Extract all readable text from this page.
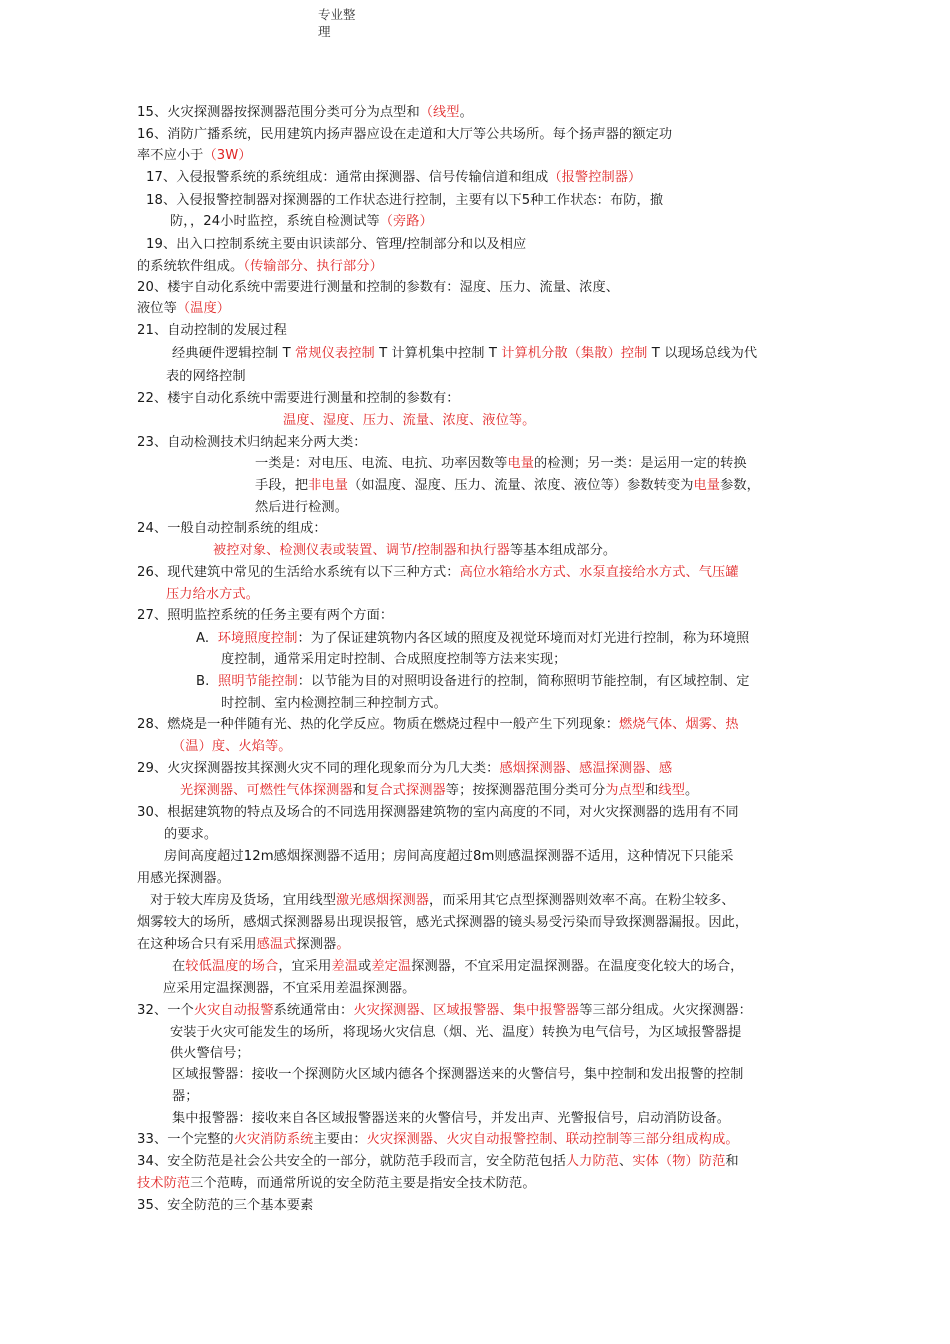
专业整
理
15、火灾探测器按探测器范围分类可分为点型和（线型。
16、消防广播系统，民用建筑内扬声器应设在走道和大厅等公共场所。每个扬声器的额定功
率不应小于（3W）
17、入侵报警系统的系统组成：通常由探测器、信号传输信道和组成（报警控制器）
18、入侵报警控制器对探测器的工作状态进行控制，主要有以下5种工作状态：布防，撤
防，，24小时监控，系统自检测试等（旁路）
19、出入口控制系统主要由识读部分、管理/控制部分和以及相应
的系统软件组成。（传输部分、执行部分）
20、楼宇自动化系统中需要进行测量和控制的参数有：湿度、压力、流量、浓度、
液位等（温度）
21、自动控制的发展过程
经典硬件逻辑控制 T 常规仪表控制 T 计算机集中控制 T 计算机分散（集散）控制 T 以现场总线为代
表的网络控制
22、楼宇自动化系统中需要进行测量和控制的参数有：
温度、湿度、压力、流量、浓度、液位等。
23、自动检测技术归纳起来分两大类：
一类是：对电压、电流、电抗、功率因数等电量的检测；另一类：是运用一定的转换
手段，把非电量（如温度、湿度、压力、流量、浓度、液位等）参数转变为电量参数，
然后进行检测。
24、一般自动控制系统的组成：
被控对象、检测仪表或装置、调节/控制器和执行器等基本组成部分。
26、现代建筑中常见的生活给水系统有以下三种方式：高位水箱给水方式、水泵直接给水方式、气压罐
压力给水方式。
27、照明监控系统的任务主要有两个方面：
A.  环境照度控制：为了保证建筑物内各区域的照度及视觉环境而对灯光进行控制，称为环境照
度控制，通常采用定时控制、合成照度控制等方法来实现；
B.  照明节能控制：以节能为目的对照明设备进行的控制，简称照明节能控制，有区域控制、定
时控制、室内检测控制三种控制方式。
28、燃烧是一种伴随有光、热的化学反应。物质在燃烧过程中一般产生下列现象：燃烧气体、烟雾、热
（温）度、火焰等。
29、火灾探测器按其探测火灾不同的理化现象而分为几大类：感烟探测器、感温探测器、感
光探测器、可燃性气体探测器和复合式探测器等；按探测器范围分类可分为点型和线型。
30、根据建筑物的特点及场合的不同选用探测器建筑物的室内高度的不同，对火灾探测器的选用有不同
的要求。
房间高度超过12m感烟探测器不适用；房间高度超过8m则感温探测器不适用，这种情况下只能采
用感光探测器。
对于较大库房及货场，宜用线型激光感烟探测器，而采用其它点型探测器则效率不高。在粉尘较多、
烟雾较大的场所，感烟式探测器易出现误报管，感光式探测器的镜头易受污染而导致探测器漏报。因此，
在这种场合只有采用感温式探测器。
在较低温度的场合，宜采用差温或差定温探测器，不宜采用定温探测器。在温度变化较大的场合，
应采用定温探测器，不宜采用差温探测器。
32、一个火灾自动报警系统通常由：火灾探测器、区域报警器、集中报警器等三部分组成。火灾探测器：
安装于火灾可能发生的场所，将现场火灾信息（烟、光、温度）转换为电气信号，为区域报警器提
供火警信号；
区域报警器：接收一个探测防火区域内德各个探测器送来的火警信号，集中控制和发出报警的控制
器；
集中报警器：接收来自各区域报警器送来的火警信号，并发出声、光警报信号，启动消防设备。
33、一个完整的火灾消防系统主要由：火灾探测器、火灾自动报警控制、联动控制等三部分组成构成。
34、安全防范是社会公共安全的一部分，就防范手段而言，安全防范包括人力防范、实体（物）防范和
技术防范三个范畴，而通常所说的安全防范主要是指安全技术防范。
35、安全防范的三个基本要素
